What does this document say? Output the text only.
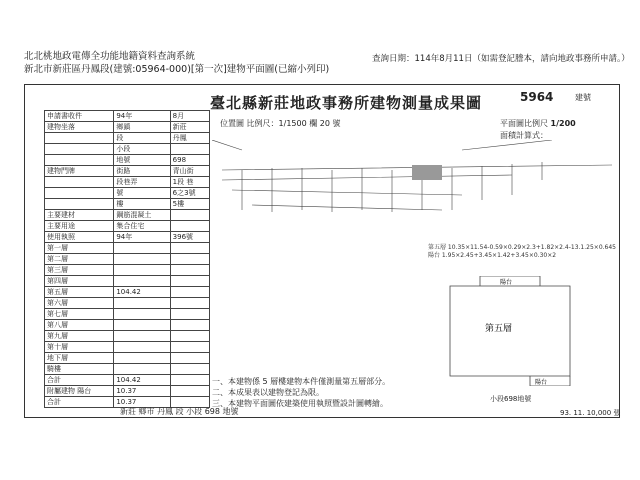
北北桃地政電傳全功能地籍資料查詢系統
新北市新莊區丹鳳段(建號:05964-000)[第一次]建物平面圖(已縮小列印)
查詢日期：114年8月11日（如需登記謄本，請向地政事務所申請。）
臺北縣新莊地政事務所建物測量成果圖	5964	建號
位置圖 比例尺：1/1500 欄 20 號	平面圖比例尺 1/200
面積計算式：
申請書收件	94年	8月
建物坐落	鄉鎮	新莊
	段	丹鳳
	小段	
	地號	698
建物門牌	街路	青山街
	段巷弄	1段 巷
	號	6之3號
	樓	5樓
主要建材	鋼筋混凝土	
主要用途	集合住宅	
使用執照	94年	396號
第一層		
第二層		
第三層		
第四層		
第五層	104.42	
第六層		
第七層		
第八層		
第九層		
第十層		
地下層		
騎樓		
合計	104.42	
附屬建物 陽台	10.37	
合計	10.37	
第五層 10.35×11.54-0.59×0.29×2.3+1.82×2.4-13.1.25×0.645
陽台 1.95×2.45+3.45×1.42+3.45×0.30×2
第五層
陽台
陽台
一、本建物係 5 層樓建物本件僅測量第五層部分。
二、本成果表以建物登記為限。
三、本建物平面圖依建築使用執照暨設計圖轉繪。	小段698地號
新莊 鄉市 丹鳳 段 小段 698 地號	93. 11. 10,000 張
